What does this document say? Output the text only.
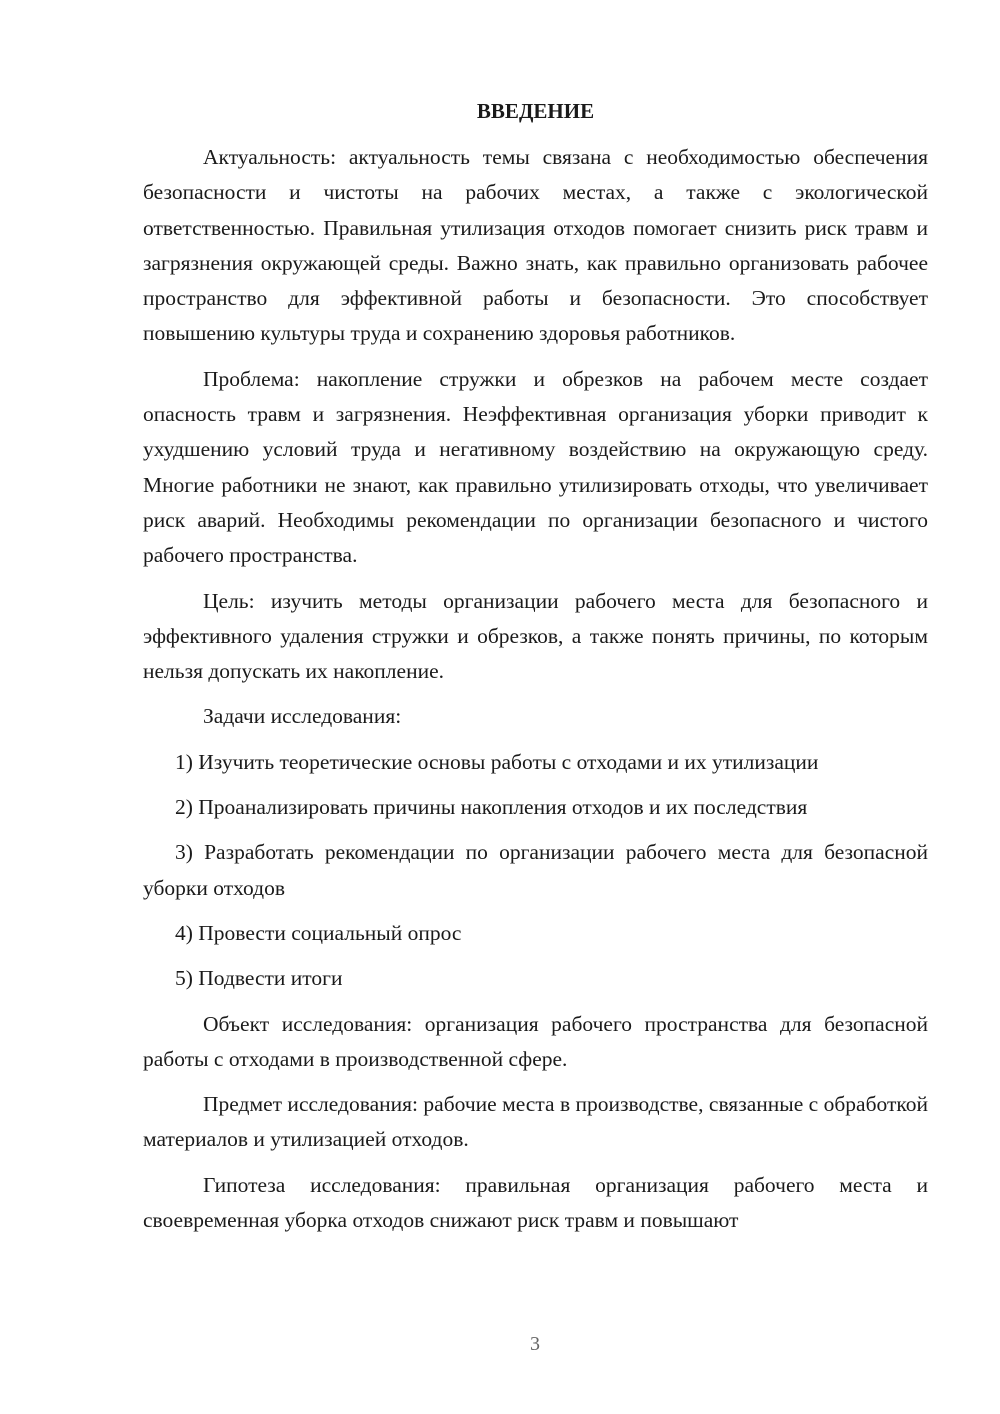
ВВЕДЕНИЕ

Актуальность: актуальность темы связана с необходимостью обеспечения безопасности и чистоты на рабочих местах, а также с экологической ответственностью. Правильная утилизация отходов помогает снизить риск травм и загрязнения окружающей среды. Важно знать, как правильно организовать рабочее пространство для эффективной работы и безопасности. Это способствует повышению культуры труда и сохранению здоровья работников.

Проблема: накопление стружки и обрезков на рабочем месте создает опасность травм и загрязнения. Неэффективная организация уборки приводит к ухудшению условий труда и негативному воздействию на окружающую среду. Многие работники не знают, как правильно утилизировать отходы, что увеличивает риск аварий. Необходимы рекомендации по организации безопасного и чистого рабочего пространства.

Цель: изучить методы организации рабочего места для безопасного и эффективного удаления стружки и обрезков, а также понять причины, по которым нельзя допускать их накопление.

Задачи исследования:

1) Изучить теоретические основы работы с отходами и их утилизации

2) Проанализировать причины накопления отходов и их последствия

3) Разработать рекомендации по организации рабочего места для безопасной уборки отходов

4) Провести социальный опрос

5) Подвести итоги

Объект исследования: организация рабочего пространства для безопасной работы с отходами в производственной сфере.

Предмет исследования: рабочие места в производстве, связанные с обработкой материалов и утилизацией отходов.

Гипотеза исследования: правильная организация рабочего места и своевременная уборка отходов снижают риск травм и повышают

3
